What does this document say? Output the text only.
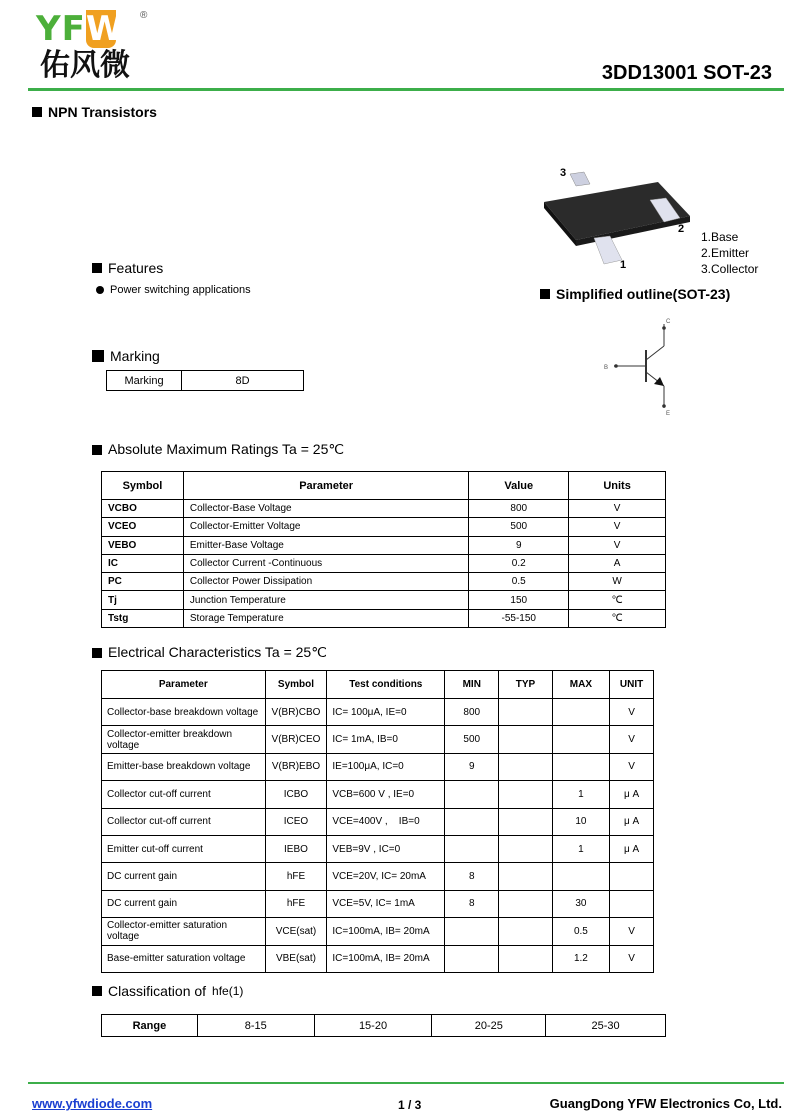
YFW ®
佑风微	3DD13001 SOT-23
NPN Transistors
Features
Power switching applications
Marking
Marking	8D
3
2
1
1.Base
2.Emitter
3.Collector
Simplified outline(SOT-23)
C
B
E
Absolute Maximum Ratings Ta = 25℃
Symbol	Parameter	Value	Units
VCBO	Collector-Base Voltage	800	V
VCEO	Collector-Emitter Voltage	500	V
VEBO	Emitter-Base Voltage	9	V
IC	Collector Current -Continuous	0.2	A
PC	Collector Power Dissipation	0.5	W
Tj	Junction Temperature	150	℃
Tstg	Storage Temperature	-55-150	℃
Electrical Characteristics Ta = 25℃
Parameter	Symbol	Test conditions	MIN	TYP	MAX	UNIT
Collector-base breakdown voltage	V(BR)CBO	IC= 100μA, IE=0	800			V
Collector-emitter breakdown voltage	V(BR)CEO	IC= 1mA, IB=0	500			V
Emitter-base breakdown voltage	V(BR)EBO	IE=100μA, IC=0	9			V
Collector cut-off current	ICBO	VCB=600 V , IE=0			1	μ A
Collector cut-off current	ICEO	VCE=400V ,    IB=0			10	μ A
Emitter cut-off current	IEBO	VEB=9V , IC=0			1	μ A
DC current gain	hFE	VCE=20V, IC= 20mA	8			
DC current gain	hFE	VCE=5V, IC= 1mA	8		30	
Collector-emitter saturation voltage	VCE(sat)	IC=100mA, IB= 20mA			0.5	V
Base-emitter saturation voltage	VBE(sat)	IC=100mA, IB= 20mA			1.2	V
Classification of hfe(1)
Range	8-15	15-20	20-25	25-30
www.yfwdiode.com	1 / 3	GuangDong YFW Electronics Co, Ltd.
